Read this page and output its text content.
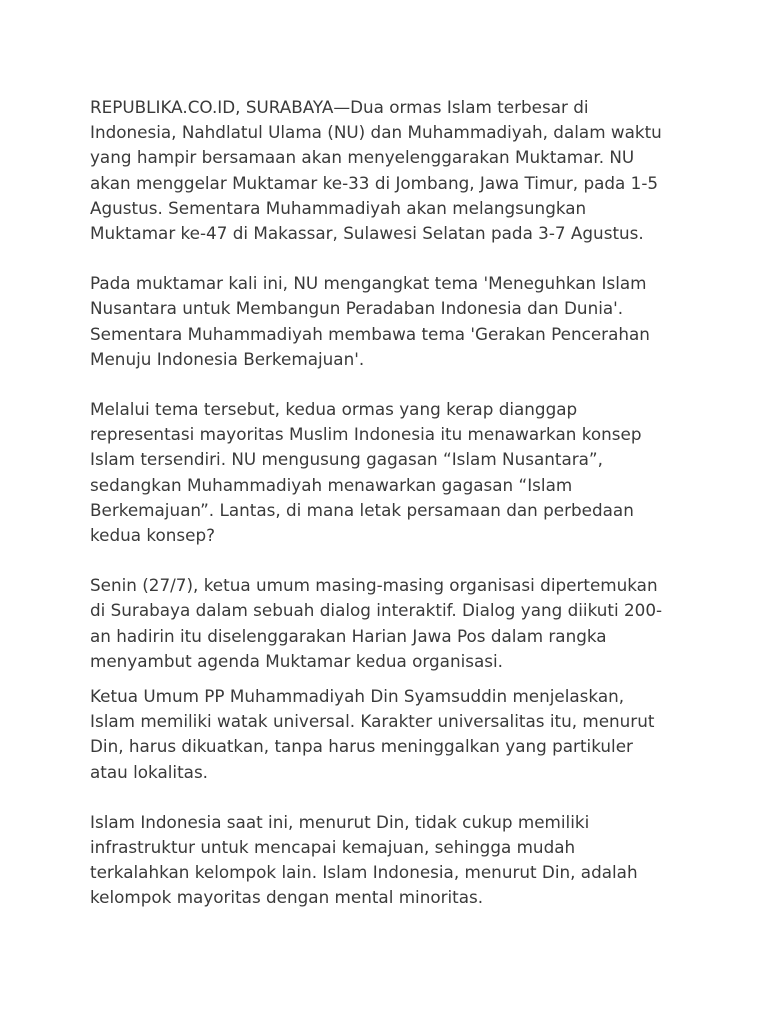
REPUBLIKA.CO.ID, SURABAYA—Dua ormas Islam terbesar di
Indonesia, Nahdlatul Ulama (NU) dan Muhammadiyah, dalam waktu
yang hampir bersamaan akan menyelenggarakan Muktamar. NU
akan menggelar Muktamar ke-33 di Jombang, Jawa Timur, pada 1-5
Agustus. Sementara Muhammadiyah akan melangsungkan
Muktamar ke-47 di Makassar, Sulawesi Selatan pada 3-7 Agustus.

Pada muktamar kali ini, NU mengangkat tema 'Meneguhkan Islam
Nusantara untuk Membangun Peradaban Indonesia dan Dunia'.
Sementara Muhammadiyah membawa tema 'Gerakan Pencerahan
Menuju Indonesia Berkemajuan'.

Melalui tema tersebut, kedua ormas yang kerap dianggap
representasi mayoritas Muslim Indonesia itu menawarkan konsep
Islam tersendiri. NU mengusung gagasan “Islam Nusantara”,
sedangkan Muhammadiyah menawarkan gagasan “Islam
Berkemajuan”. Lantas, di mana letak persamaan dan perbedaan
kedua konsep?

Senin (27/7), ketua umum masing-masing organisasi dipertemukan
di Surabaya dalam sebuah dialog interaktif. Dialog yang diikuti 200-
an hadirin itu diselenggarakan Harian Jawa Pos dalam rangka
menyambut agenda Muktamar kedua organisasi.

Ketua Umum PP Muhammadiyah Din Syamsuddin menjelaskan,
Islam memiliki watak universal. Karakter universalitas itu, menurut
Din, harus dikuatkan, tanpa harus meninggalkan yang partikuler
atau lokalitas.

Islam Indonesia saat ini, menurut Din, tidak cukup memiliki
infrastruktur untuk mencapai kemajuan, sehingga mudah
terkalahkan kelompok lain. Islam Indonesia, menurut Din, adalah
kelompok mayoritas dengan mental minoritas.
